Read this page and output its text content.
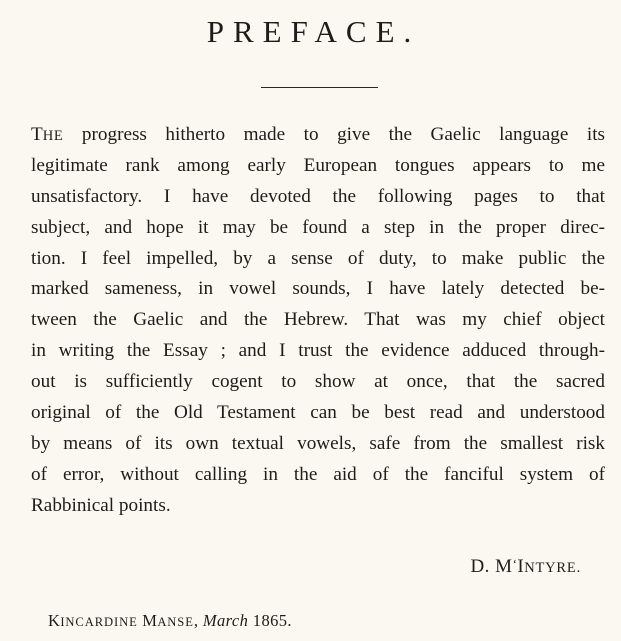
PREFACE.
THE progress hitherto made to give the Gaelic language its
legitimate rank among early European tongues appears to me
unsatisfactory. I have devoted the following pages to that
subject, and hope it may be found a step in the proper direc-
tion. I feel impelled, by a sense of duty, to make public the
marked sameness, in vowel sounds, I have lately detected be-
tween the Gaelic and the Hebrew. That was my chief object
in writing the Essay ; and I trust the evidence adduced through-
out is sufficiently cogent to show at once, that the sacred
original of the Old Testament can be best read and understood
by means of its own textual vowels, safe from the smallest risk
of error, without calling in the aid of the fanciful system of
Rabbinical points.
D. M‘INTYRE.
KINCARDINE MANSE, March 1865.
